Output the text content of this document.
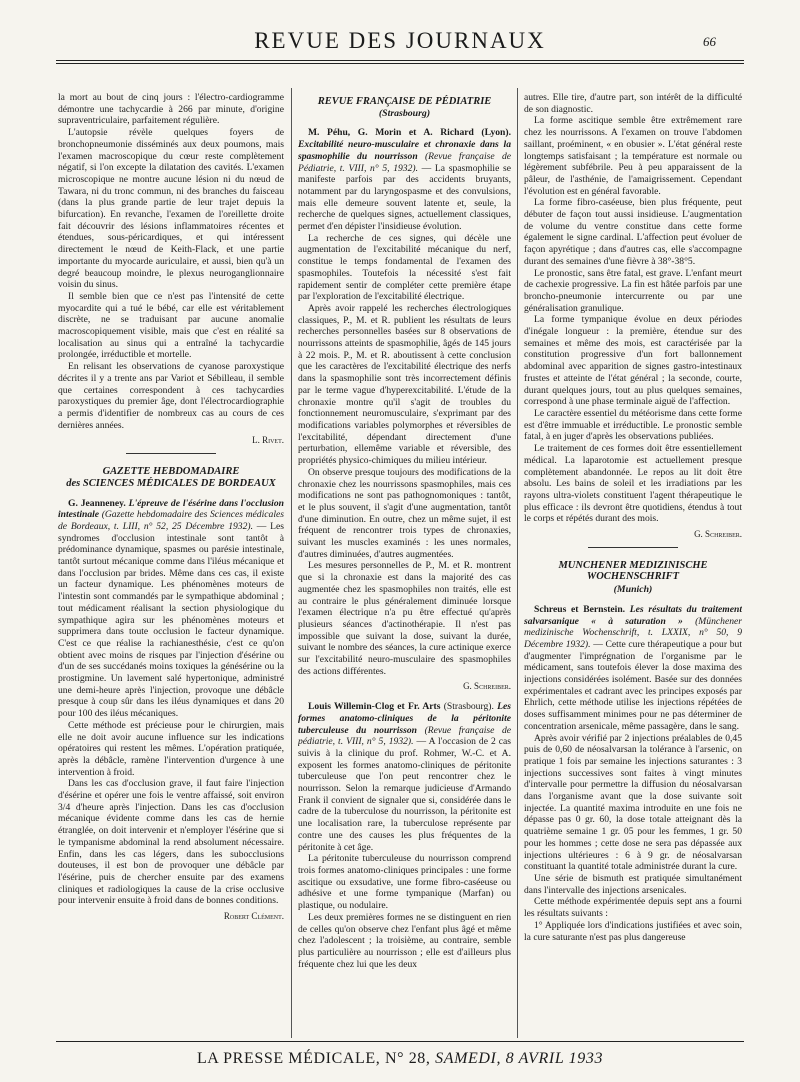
REVUE DES JOURNAUX	66

la mort au bout de cinq jours : l'électro-cardiogramme démontre une tachycardie à 266 par minute, d'origine supraventriculaire, parfaitement régulière.

L'autopsie révèle quelques foyers de bronchopneumonie disséminés aux deux poumons, mais l'examen macroscopique du cœur reste complètement négatif, si l'on excepte la dilatation des cavités. L'examen microscopique ne montre aucune lésion ni du nœud de Tawara, ni du tronc commun, ni des branches du faisceau (dans la plus grande partie de leur trajet depuis la bifurcation). En revanche, l'examen de l'oreillette droite fait découvrir des lésions inflammatoires récentes et étendues, sous-péricardiques, et qui intéressent directement le nœud de Keith-Flack, et une partie importante du myocarde auriculaire, et aussi, bien qu'à un degré beaucoup moindre, le plexus neuroganglionnaire voisin du sinus.

Il semble bien que ce n'est pas l'intensité de cette myocardite qui a tué le bébé, car elle est véritablement discrète, ne se traduisant par aucune anomalie macroscopiquement visible, mais que c'est en réalité sa localisation au sinus qui a entraîné la tachycardie prolongée, irréductible et mortelle.

En relisant les observations de cyanose paroxystique décrites il y a trente ans par Variot et Sébilleau, il semble que certaines correspondent à ces tachycardies paroxystiques du premier âge, dont l'électrocardiographie a permis d'identifier de nombreux cas au cours de ces dernières années.

L. Rivet.
GAZETTE HEBDOMADAIRE
des SCIENCES MÉDICALES DE BORDEAUX

G. Jeanneney. L'épreuve de l'ésérine dans l'occlusion intestinale (Gazette hebdomadaire des Sciences médicales de Bordeaux, t. LIII, n° 52, 25 Décembre 1932). — Les syndromes d'occlusion intestinale sont tantôt à prédominance dynamique, spasmes ou parésie intestinale, tantôt surtout mécanique comme dans l'iléus mécanique et dans l'occlusion par brides. Même dans ces cas, il existe un facteur dynamique. Les phénomènes moteurs de l'intestin sont commandés par le sympathique abdominal ; tout médicament réalisant la section physiologique du sympathique agira sur les phénomènes moteurs et supprimera dans toute occlusion le facteur dynamique. C'est ce que réalise la rachianesthésie, c'est ce qu'on obtient avec moins de risques par l'injection d'ésérine ou d'un de ses succédanés moins toxiques la génésérine ou la prostigmine. Un lavement salé hypertonique, administré une demi-heure après l'injection, provoque une débâcle presque à coup sûr dans les iléus dynamiques et dans 20 pour 100 des iléus mécaniques.

Cette méthode est précieuse pour le chirurgien, mais elle ne doit avoir aucune influence sur les indications opératoires qui restent les mêmes. L'opération pratiquée, après la débâcle, ramène l'intervention d'urgence à une intervention à froid.

Dans les cas d'occlusion grave, il faut faire l'injection d'ésérine et opérer une fois le ventre affaissé, soit environ 3/4 d'heure après l'injection. Dans les cas d'occlusion mécanique évidente comme dans les cas de hernie étranglée, on doit intervenir et n'employer l'ésérine que si le tympanisme abdominal la rend absolument nécessaire. Enfin, dans les cas légers, dans les subocclusions douteuses, il est bon de provoquer une débâcle par l'ésérine, puis de chercher ensuite par des examens cliniques et radiologiques la cause de la crise occlusive pour intervenir ensuite à froid dans de bonnes conditions.

Robert Clément.
REVUE FRANÇAISE DE PÉDIATRIE
(Strasbourg)

M. Péhu, G. Morin et A. Richard (Lyon). Excitabilité neuro-musculaire et chronaxie dans la spasmophilie du nourrisson (Revue française de Pédiatrie, t. VIII, n° 5, 1932). — La spasmophilie se manifeste parfois par des accidents bruyants, notamment par du laryngospasme et des convulsions, mais elle demeure souvent latente et, seule, la recherche de quelques signes, actuellement classiques, permet d'en dépister l'insidieuse évolution.

La recherche de ces signes, qui décèle une augmentation de l'excitabilité mécanique du nerf, constitue le temps fondamental de l'examen des spasmophiles. Toutefois la nécessité s'est fait rapidement sentir de compléter cette première étape par l'exploration de l'excitabilité électrique.

Après avoir rappelé les recherches électrologiques classiques, P., M. et R. publient les résultats de leurs recherches personnelles basées sur 8 observations de nourrissons atteints de spasmophilie, âgés de 145 jours à 22 mois. P., M. et R. aboutissent à cette conclusion que les caractères de l'excitabilité électrique des nerfs dans la spasmophilie sont très incorrectement définis par le terme vague d'hyperexcitabilité. L'étude de la chronaxie montre qu'il s'agit de troubles du fonctionnement neuromusculaire, s'exprimant par des modifications variables polymorphes et réversibles de l'excitabilité, dépendant directement d'une perturbation, ellemême variable et réversible, des propriétés physico-chimiques du milieu intérieur.

On observe presque toujours des modifications de la chronaxie chez les nourrissons spasmophiles, mais ces modifications ne sont pas pathognomoniques : tantôt, et le plus souvent, il s'agit d'une augmentation, tantôt d'une diminution. En outre, chez un même sujet, il est fréquent de rencontrer trois types de chronaxies, suivant les muscles examinés : les unes normales, d'autres diminuées, d'autres augmentées.

Les mesures personnelles de P., M. et R. montrent que si la chronaxie est dans la majorité des cas augmentée chez les spasmophiles non traités, elle est au contraire le plus généralement diminuée lorsque l'examen électrique n'a pu être effectué qu'après plusieurs séances d'actinothérapie. Il n'est pas impossible que suivant la dose, suivant la durée, suivant le nombre des séances, la cure actinique exerce sur l'excitabilité neuro-musculaire des spasmophiles des actions différentes.

G. Schreiber.

Louis Willemin-Clog et Fr. Arts (Strasbourg). Les formes anatomo-cliniques de la péritonite tuberculeuse du nourrisson (Revue française de pédiatrie, t. VIII, n° 5, 1932). — A l'occasion de 2 cas suivis à la clinique du prof. Rohmer, W.-C. et A. exposent les formes anatomo-cliniques de péritonite tuberculeuse que l'on peut rencontrer chez le nourrisson. Selon la remarque judicieuse d'Armando Frank il convient de signaler que si, considérée dans le cadre de la tuberculose du nourrisson, la péritonite est une localisation rare, la tuberculose représente par contre une des causes les plus fréquentes de la péritonite à cet âge.

La péritonite tuberculeuse du nourrisson comprend trois formes anatomo-cliniques principales : une forme ascitique ou exsudative, une forme fibro-caséeuse ou adhésive et une forme tympanique (Marfan) ou plastique, ou nodulaire.

Les deux premières formes ne se distinguent en rien de celles qu'on observe chez l'enfant plus âgé et même chez l'adolescent ; la troisième, au contraire, semble plus particulière au nourrisson ; elle est d'ailleurs plus fréquente chez lui que les deux

autres. Elle tire, d'autre part, son intérêt de la difficulté de son diagnostic.

La forme ascitique semble être extrêmement rare chez les nourrissons. A l'examen on trouve l'abdomen saillant, proéminent, « en obusier ». L'état général reste longtemps satisfaisant ; la température est normale ou légèrement subfébrile. Peu à peu apparaissent de la pâleur, de l'asthénie, de l'amaigrissement. Cependant l'évolution est en général favorable.

La forme fibro-caséeuse, bien plus fréquente, peut débuter de façon tout aussi insidieuse. L'augmentation de volume du ventre constitue dans cette forme également le signe cardinal. L'affection peut évoluer de façon apyrétique ; dans d'autres cas, elle s'accompagne durant des semaines d'une fièvre à 38°-38°5.

Le pronostic, sans être fatal, est grave. L'enfant meurt de cachexie progressive. La fin est hâtée parfois par une broncho-pneumonie intercurrente ou par une généralisation granulique.

La forme tympanique évolue en deux périodes d'inégale longueur : la première, étendue sur des semaines et même des mois, est caractérisée par la constitution progressive d'un fort ballonnement abdominal avec apparition de signes gastro-intestinaux frustes et atteinte de l'état général ; la seconde, courte, durant quelques jours, tout au plus quelques semaines, correspond à une phase terminale aiguë de l'affection.

Le caractère essentiel du météorisme dans cette forme est d'être immuable et irréductible. Le pronostic semble fatal, à en juger d'après les observations publiées.

Le traitement de ces formes doit être essentiellement médical. La laparotomie est actuellement presque complètement abandonnée. Le repos au lit doit être absolu. Les bains de soleil et les irradiations par les rayons ultra-violets constituent l'agent thérapeutique le plus efficace : ils devront être quotidiens, étendus à tout le corps et répétés durant des mois.

G. Schreiber.
MUNCHENER MEDIZINISCHE
WOCHENSCHRIFT
(Munich)

Schreus et Bernstein. Les résultats du traitement salvarsanique « à saturation » (Münchener medizinische Wochenschrift, t. LXXIX, n° 50, 9 Décembre 1932). — Cette cure thérapeutique a pour but d'augmenter l'imprégnation de l'organisme par le médicament, sans toutefois élever la dose maxima des injections considérées isolément. Basée sur des données expérimentales et cadrant avec les principes exposés par Ehrlich, cette méthode utilise les injections répétées de doses suffisamment minimes pour ne pas déterminer de concentration arsenicale, même passagère, dans le sang.

Après avoir vérifié par 2 injections préalables de 0,45 puis de 0,60 de néosalvarsan la tolérance à l'arsenic, on pratique 1 fois par semaine les injections saturantes : 3 injections successives sont faites à vingt minutes d'intervalle pour permettre la diffusion du néosalvarsan dans l'organisme avant que la dose suivante soit injectée. La quantité maxima introduite en une fois ne dépasse pas 0 gr. 60, la dose totale atteignant dès la quatrième semaine 1 gr. 05 pour les femmes, 1 gr. 50 pour les hommes ; cette dose ne sera pas dépassée aux injections ultérieures : 6 à 9 gr. de néosalvarsan constituant la quantité totale administrée durant la cure.

Une série de bismuth est pratiquée simultanément dans l'intervalle des injections arsenicales.

Cette méthode expérimentée depuis sept ans a fourni les résultats suivants :

1° Appliquée lors d'indications justifiées et avec soin, la cure saturante n'est pas plus dangereuse

LA PRESSE MÉDICALE, N° 28, SAMEDI, 8 AVRIL 1933
